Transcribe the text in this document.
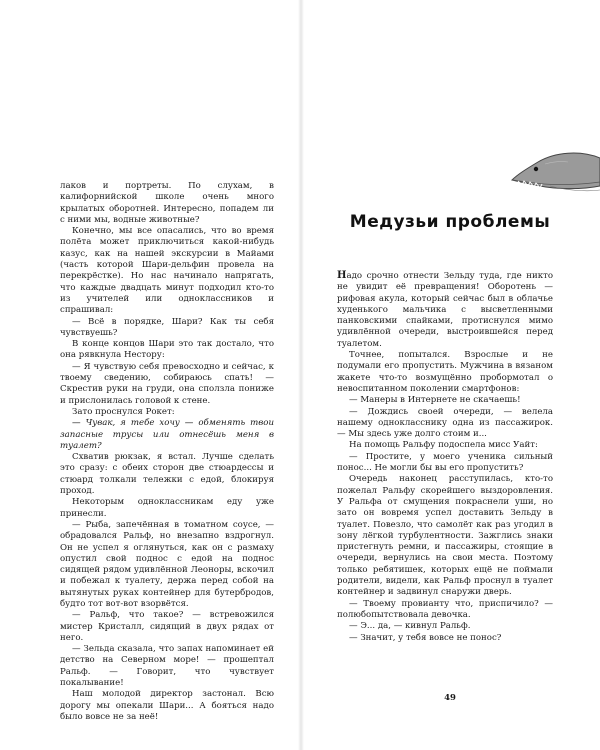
лаков и портреты. По слухам, в калифорнийской школе очень много крылатых оборотней. Интересно, попадем ли с ними мы, водные животные?

Конечно, мы все опасались, что во время полёта может приключиться какой-нибудь казус, как на нашей экскурсии в Майами (часть которой Шари-дельфин провела на перекрёстке). Но нас начинало напрягать, что каждые двадцать минут подходил кто-то из учителей или одноклассников и спрашивал:

— Всё в порядке, Шари? Как ты себя чувствуешь?

В конце концов Шари это так достало, что она рявкнула Нестору:

— Я чувствую себя превосходно и сейчас, к твоему сведению, собираюсь спать! — Скрестив руки на груди, она сползла пониже и прислонилась головой к стене.

Зато проснулся Рокет:

— Чувак, я тебе хочу — обменять твои запасные трусы или отнесёшь меня в туалет?

Схватив рюкзак, я встал. Лучше сделать это сразу: с обеих сторон две стюардессы и стюард толкали тележки с едой, блокируя проход.

Некоторым одноклассникам еду уже принесли.

— Рыба, запечённая в томатном соусе, — обрадовался Ральф, но внезапно вздрогнул. Он не успел я оглянуться, как он с размаху опустил свой поднос с едой на поднос сидящей рядом удивлённой Леоноры, вскочил и побежал к туалету, держа перед собой на вытянутых руках контейнер для бутербродов, будто тот вот-вот взорвётся.

— Ральф, что такое? — встревожился мистер Кристалл, сидящий в двух рядах от него.

— Зельда сказала, что запах напоминает ей детство на Северном море! — прошептал Ральф. — Говорит, что чувствует покалывание!

Наш молодой директор застонал. Всю дорогу мы опекали Шари... А бояться надо было вовсе не за неё!

Медузьи проблемы

Надо срочно отнести Зельду туда, где никто не увидит её превращения! Оборотень — рифовая акула, который сейчас был в облачье худенького мальчика с высветленными панковскими спайками, протиснулся мимо удивлённой очереди, выстроившейся перед туалетом.

Точнее, попытался. Взрослые и не подумали его пропустить. Мужчина в вязаном жакете что-то возмущённо пробормотал о невоспитанном поколении смартфонов:

— Манеры в Интернете не скачаешь!

— Дождись своей очереди, — велела нашему однокласснику одна из пассажирок. — Мы здесь уже долго стоим и...

На помощь Ральфу подоспела мисс Уайт:

— Простите, у моего ученика сильный понос... Не могли бы вы его пропустить?

Очередь наконец расступилась, кто-то пожелал Ральфу скорейшего выздоровления. У Ральфа от смущения покраснели уши, но зато он вовремя успел доставить Зельду в туалет. Повезло, что самолёт как раз угодил в зону лёгкой турбулентности. Зажглись знаки пристегнуть ремни, и пассажиры, стоящие в очереди, вернулись на свои места. Поэтому только ребятишек, которых ещё не поймали родители, видели, как Ральф проснул в туалет контейнер и задвинул снаружи дверь.

— Твоему провианту что, приспичило? — полюбопытствовала девочка.

— Э... да, — кивнул Ральф.

— Значит, у тебя вовсе не понос?

49
